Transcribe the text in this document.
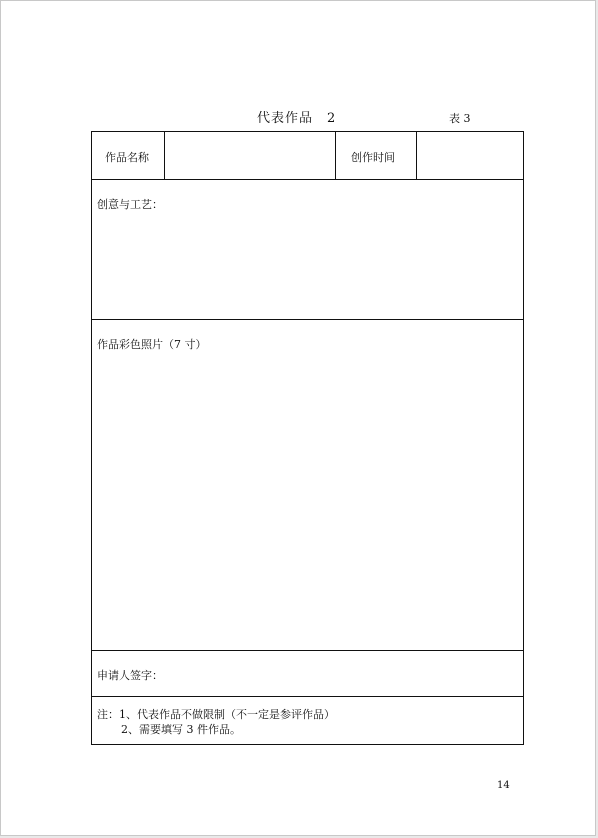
代表作品　2	表 3
作品名称	创作时间
创意与工艺：
作品彩色照片（7 寸）
申请人签字：
注：1、代表作品不做限制（不一定是参评作品）
2、需要填写 3 件作品。
14
